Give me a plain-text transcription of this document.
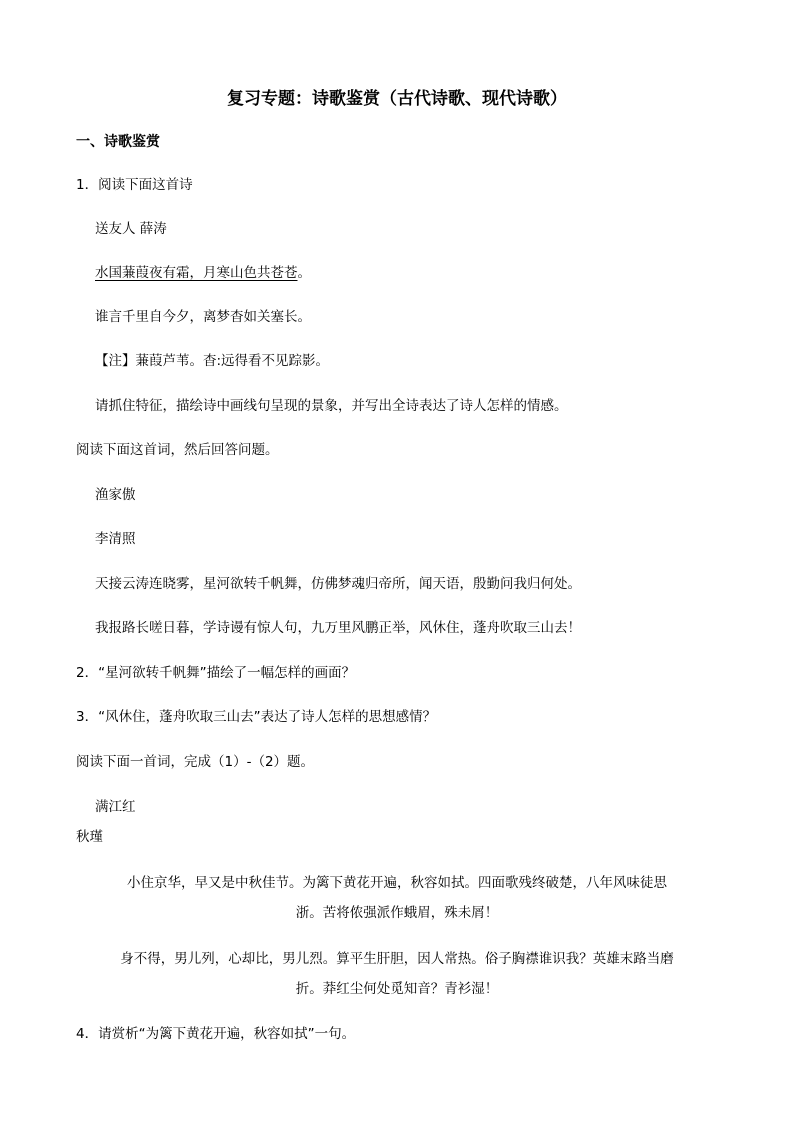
复习专题：诗歌鉴赏（古代诗歌、现代诗歌）
一、诗歌鉴赏
1．阅读下面这首诗
送友人 薛涛
水国蒹葭夜有霜，月寒山色共苍苍。
谁言千里自今夕，离梦杳如关塞长。
【注】蒹葭芦苇。杳:远得看不见踪影。
请抓住特征，描绘诗中画线句呈现的景象，并写出全诗表达了诗人怎样的情感。
阅读下面这首词，然后回答问题。
渔家傲
李清照
天接云涛连晓雾，星河欲转千帆舞，仿佛梦魂归帝所，闻天语，殷勤问我归何处。
我报路长嗟日暮，学诗谩有惊人句，九万里风鹏正举，风休住，蓬舟吹取三山去！
2．“星河欲转千帆舞”描绘了一幅怎样的画面？
3．“风休住，蓬舟吹取三山去”表达了诗人怎样的思想感情？
阅读下面一首词，完成（1）-（2）题。
满江红
秋瑾
小住京华，早又是中秋佳节。为篱下黄花开遍，秋容如拭。四面歌残终破楚，八年风味徒思
浙。苦将侬强派作蛾眉，殊未屑！
身不得，男儿列，心却比，男儿烈。算平生肝胆，因人常热。俗子胸襟谁识我？英雄末路当磨
折。莽红尘何处觅知音？青衫湿！
4．请赏析“为篱下黄花开遍，秋容如拭”一句。
